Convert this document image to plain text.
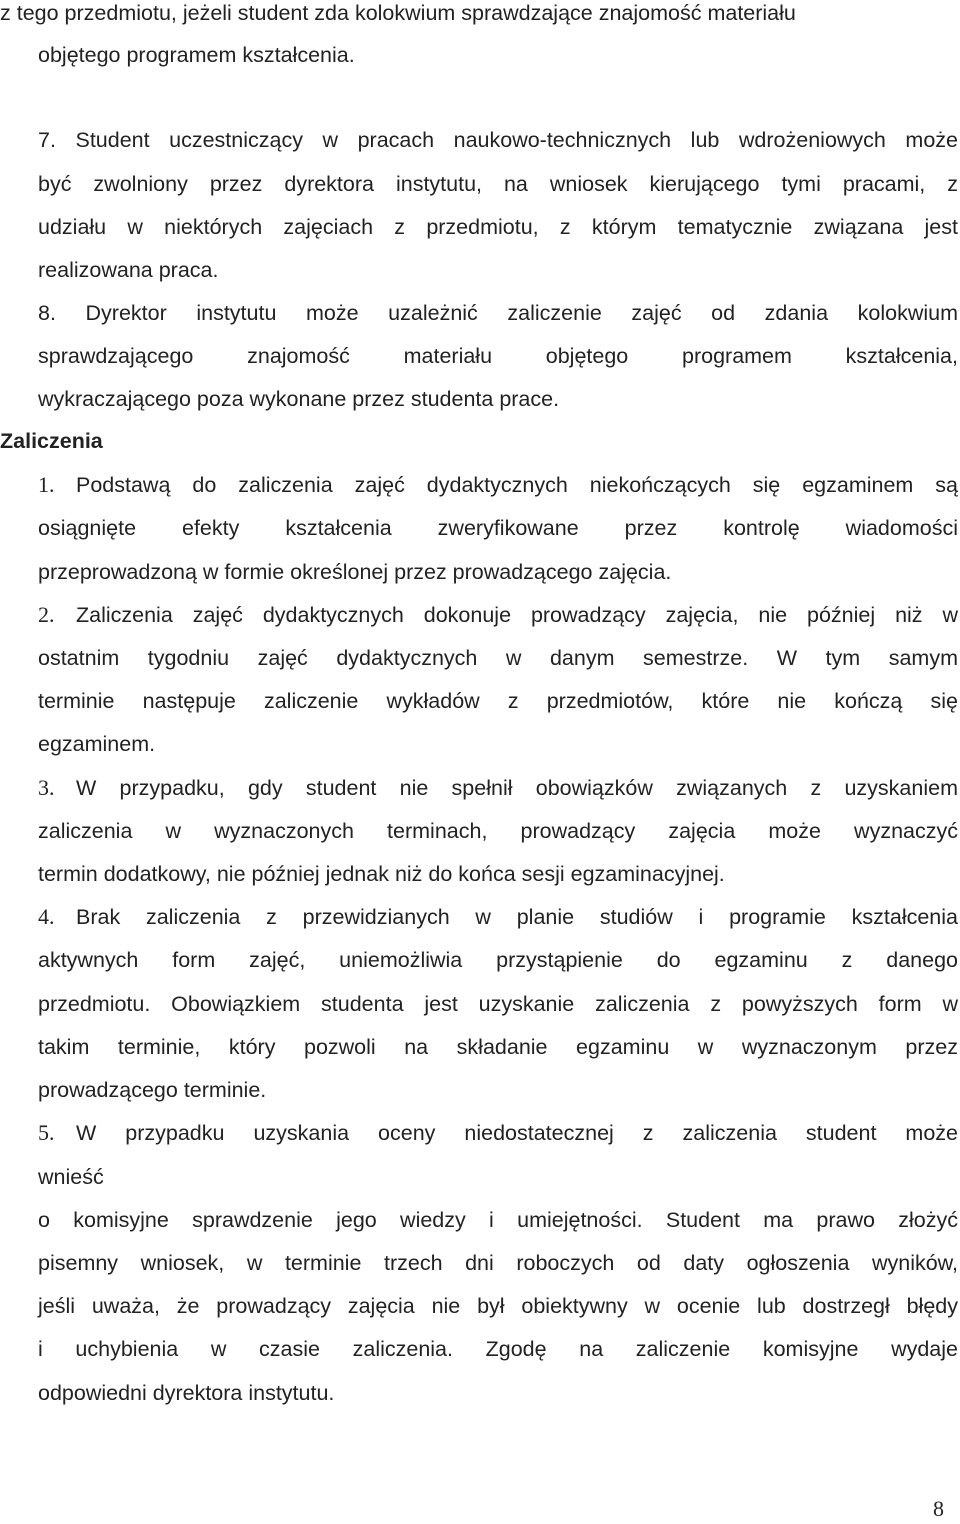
z tego przedmiotu, jeżeli student zda kolokwium sprawdzające znajomość materiału
objętego programem kształcenia.
7. Student uczestniczący w pracach naukowo-technicznych lub wdrożeniowych może
być zwolniony przez dyrektora instytutu, na wniosek kierującego tymi pracami, z
udziału w niektórych zajęciach z przedmiotu, z którym tematycznie związana jest
realizowana praca.
8. Dyrektor instytutu może uzależnić zaliczenie zajęć od zdania kolokwium
sprawdzającego znajomość materiału objętego programem kształcenia,
wykraczającego poza wykonane przez studenta prace.
Zaliczenia
1. Podstawą do zaliczenia zajęć dydaktycznych niekończących się egzaminem są
osiągnięte efekty kształcenia zweryfikowane przez kontrolę wiadomości
przeprowadzoną w formie określonej przez prowadzącego zajęcia.
2. Zaliczenia zajęć dydaktycznych dokonuje prowadzący zajęcia, nie później niż w
ostatnim tygodniu zajęć dydaktycznych w danym semestrze. W tym samym
terminie następuje zaliczenie wykładów z przedmiotów, które nie kończą się
egzaminem.
3. W przypadku, gdy student nie spełnił obowiązków związanych z uzyskaniem
zaliczenia w wyznaczonych terminach, prowadzący zajęcia może wyznaczyć
termin dodatkowy, nie później jednak niż do końca sesji egzaminacyjnej.
4. Brak zaliczenia z przewidzianych w planie studiów i programie kształcenia
aktywnych form zajęć, uniemożliwia przystąpienie do egzaminu z danego
przedmiotu. Obowiązkiem studenta jest uzyskanie zaliczenia z powyższych form w
takim terminie, który pozwoli na składanie egzaminu w wyznaczonym przez
prowadzącego terminie.
5. W przypadku uzyskania oceny niedostatecznej z zaliczenia student może
wnieść
o komisyjne sprawdzenie jego wiedzy i umiejętności. Student ma prawo złożyć
pisemny wniosek, w terminie trzech dni roboczych od daty ogłoszenia wyników,
jeśli uważa, że prowadzący zajęcia nie był obiektywny w ocenie lub dostrzegł błędy
i uchybienia w czasie zaliczenia. Zgodę na zaliczenie komisyjne wydaje
odpowiedni dyrektora instytutu.
8
